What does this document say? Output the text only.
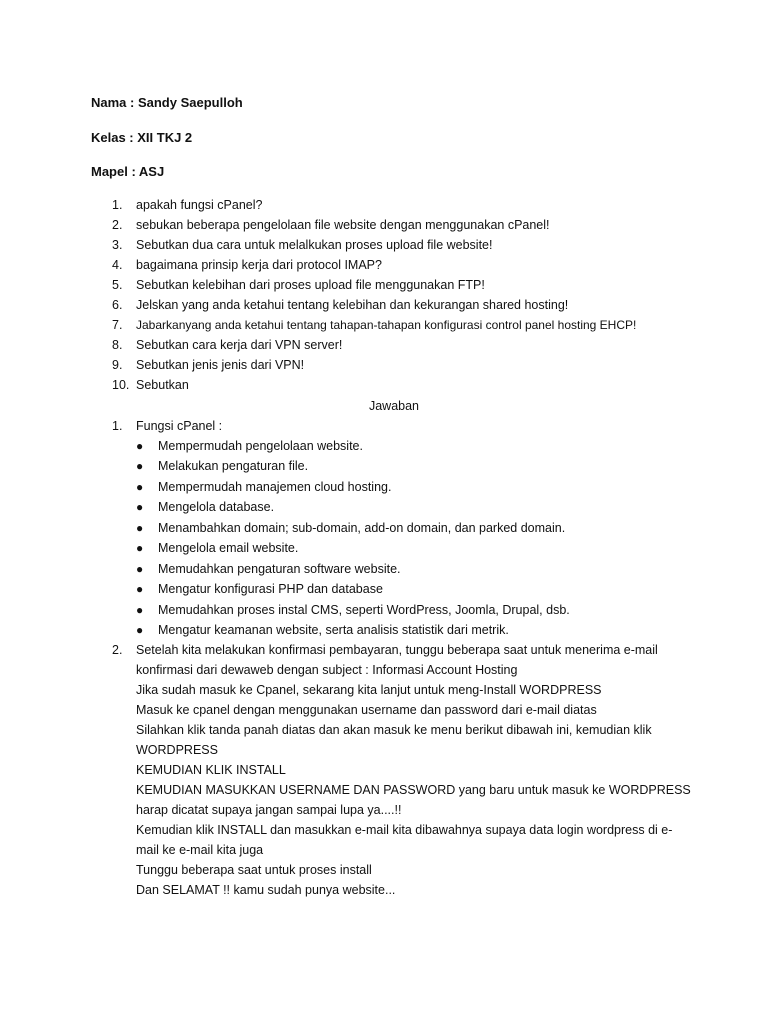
Nama : Sandy Saepulloh
Kelas : XII TKJ 2
Mapel : ASJ
1.	apakah fungsi cPanel?
2.	sebukan beberapa pengelolaan file website dengan menggunakan cPanel!
3.	Sebutkan dua cara untuk melalkukan proses upload file website!
4.	bagaimana prinsip kerja dari protocol IMAP?
5.	Sebutkan kelebihan dari proses upload file menggunakan FTP!
6.	Jelskan yang anda ketahui tentang kelebihan dan kekurangan shared hosting!
7.	Jabarkanyang anda ketahui tentang tahapan-tahapan konfigurasi control panel hosting EHCP!
8.	Sebutkan cara kerja dari VPN server!
9.	Sebutkan jenis jenis dari VPN!
10. Sebutkan
Jawaban
1.	Fungsi cPanel :
● Mempermudah pengelolaan website.
● Melakukan pengaturan file.
● Mempermudah manajemen cloud hosting.
● Mengelola database.
● Menambahkan domain; sub-domain, add-on domain, dan parked domain.
● Mengelola email website.
● Memudahkan pengaturan software website.
● Mengatur konfigurasi PHP dan database
● Memudahkan proses instal CMS, seperti WordPress, Joomla, Drupal, dsb.
● Mengatur keamanan website, serta analisis statistik dari metrik.
2.	Setelah kita melakukan konfirmasi pembayaran, tunggu beberapa saat untuk menerima e-mail
konfirmasi dari dewaweb dengan subject : Informasi Account Hosting
Jika sudah masuk ke Cpanel, sekarang kita lanjut untuk meng-Install WORDPRESS
Masuk ke cpanel dengan menggunakan username dan password dari e-mail diatas
Silahkan klik tanda panah diatas dan akan masuk ke menu berikut dibawah ini, kemudian klik
WORDPRESS
KEMUDIAN KLIK INSTALL
KEMUDIAN MASUKKAN USERNAME DAN PASSWORD yang baru untuk masuk ke WORDPRESS
harap dicatat supaya jangan sampai lupa ya....!!
Kemudian klik INSTALL dan masukkan e-mail kita dibawahnya supaya data login wordpress di e-
mail ke e-mail kita juga
Tunggu beberapa saat untuk proses install
Dan SELAMAT !! kamu sudah punya website...
